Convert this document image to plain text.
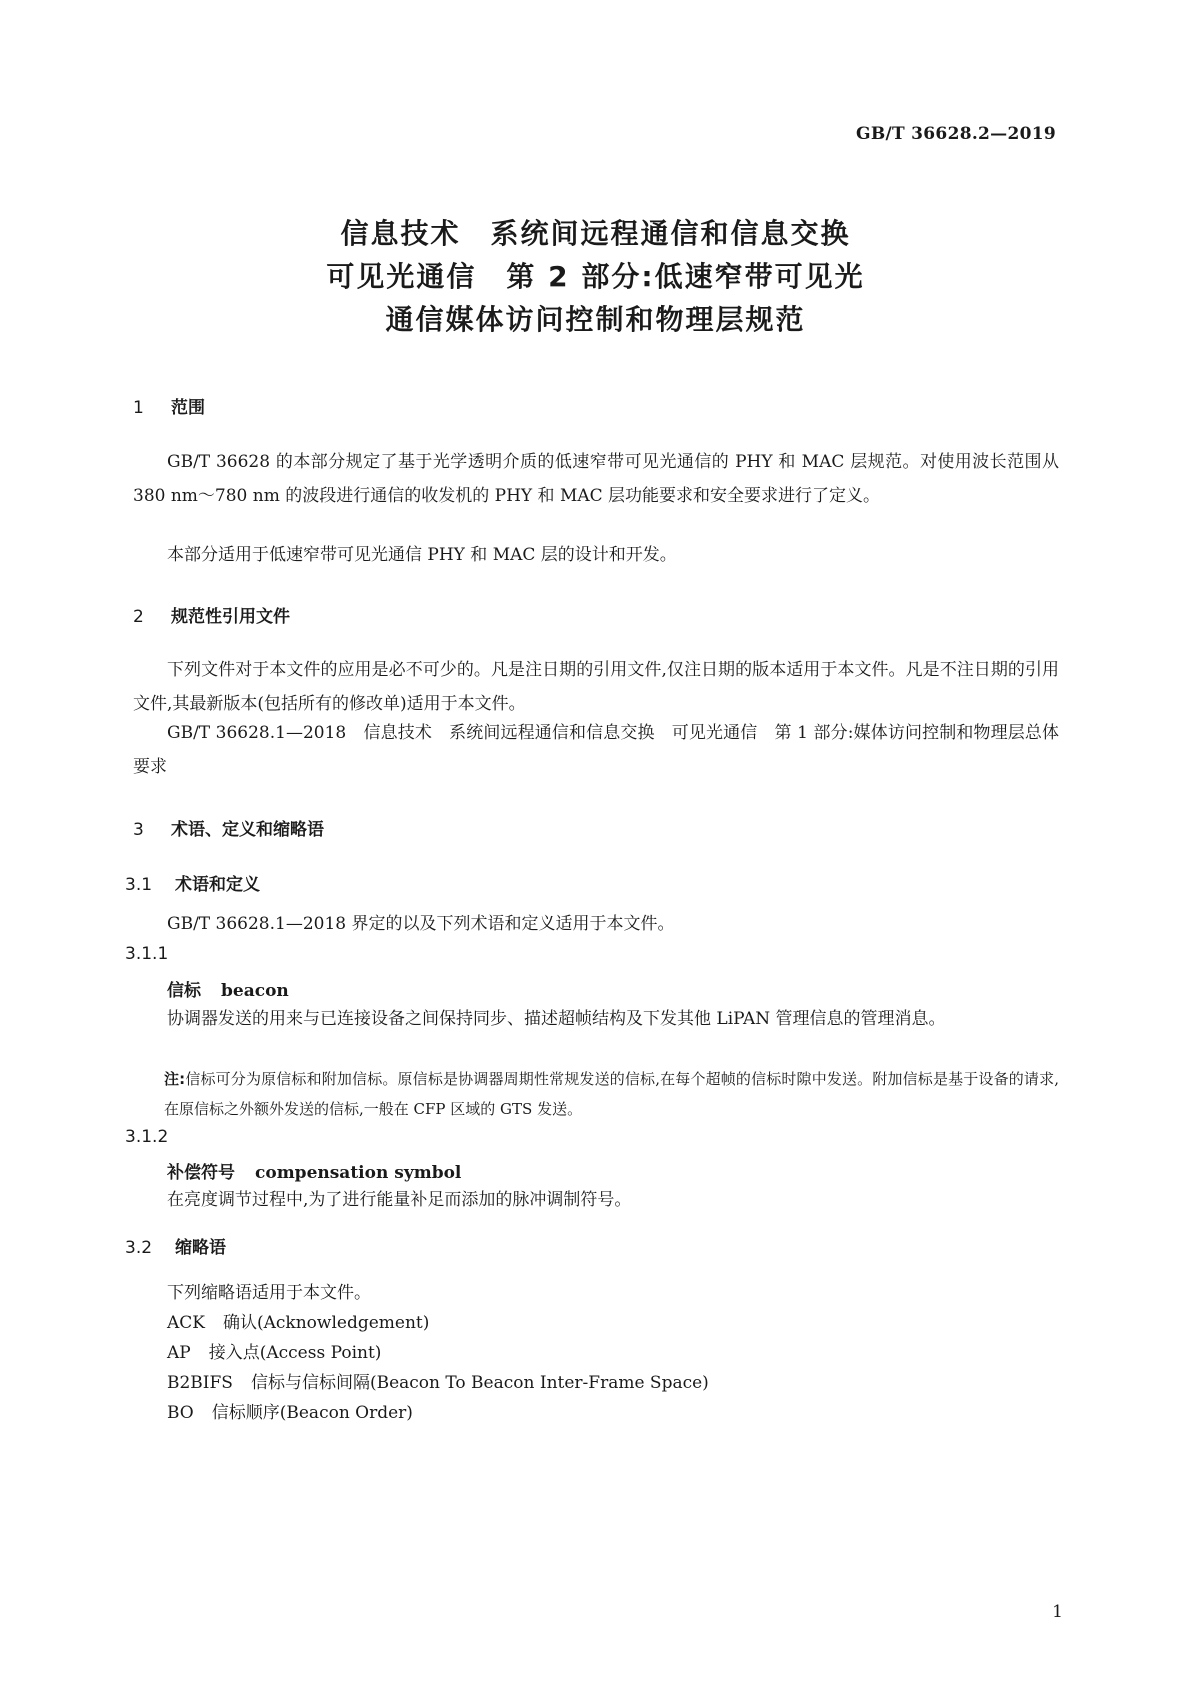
GB/T 36628.2—2019
信息技术　系统间远程通信和信息交换
可见光通信　第 2 部分:低速窄带可见光
通信媒体访问控制和物理层规范
1 范围
GB/T 36628 的本部分规定了基于光学透明介质的低速窄带可见光通信的 PHY 和 MAC 层规范。对使用波长范围从 380 nm～780 nm 的波段进行通信的收发机的 PHY 和 MAC 层功能要求和安全要求进行了定义。
本部分适用于低速窄带可见光通信 PHY 和 MAC 层的设计和开发。
2 规范性引用文件
下列文件对于本文件的应用是必不可少的。凡是注日期的引用文件,仅注日期的版本适用于本文件。凡是不注日期的引用文件,其最新版本(包括所有的修改单)适用于本文件。
GB/T 36628.1—2018　信息技术　系统间远程通信和信息交换　可见光通信　第 1 部分:媒体访问控制和物理层总体要求
3 术语、定义和缩略语
3.1 术语和定义
GB/T 36628.1—2018 界定的以及下列术语和定义适用于本文件。
3.1.1
信标 beacon
协调器发送的用来与已连接设备之间保持同步、描述超帧结构及下发其他 LiPAN 管理信息的管理消息。
注:信标可分为原信标和附加信标。原信标是协调器周期性常规发送的信标,在每个超帧的信标时隙中发送。附加信标是基于设备的请求,在原信标之外额外发送的信标,一般在 CFP 区域的 GTS 发送。
3.1.2
补偿符号 compensation symbol
在亮度调节过程中,为了进行能量补足而添加的脉冲调制符号。
3.2 缩略语
下列缩略语适用于本文件。
ACK 确认(Acknowledgement)
AP 接入点(Access Point)
B2BIFS 信标与信标间隔(Beacon To Beacon Inter-Frame Space)
BO 信标顺序(Beacon Order)
1
